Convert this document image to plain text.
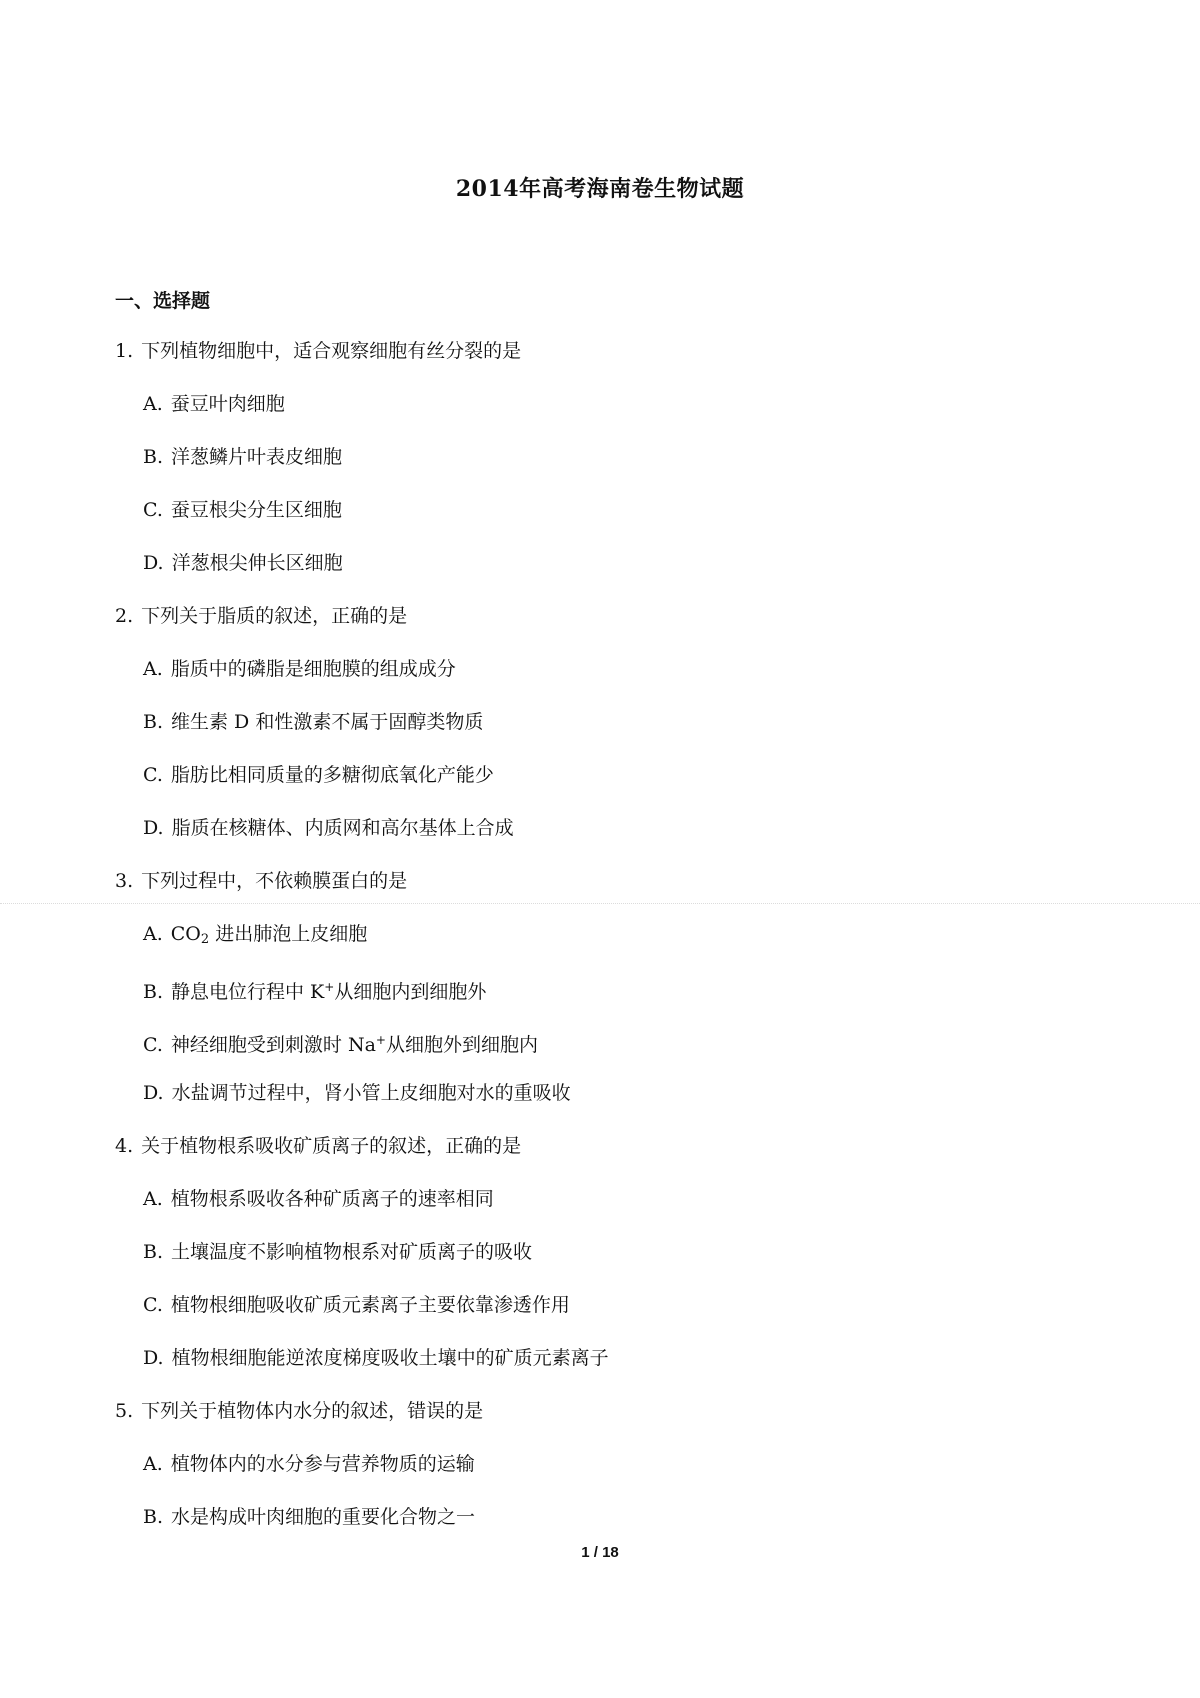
2014年高考海南卷生物试题
一、选择题
1. 下列植物细胞中，适合观察细胞有丝分裂的是
A. 蚕豆叶肉细胞
B. 洋葱鳞片叶表皮细胞
C. 蚕豆根尖分生区细胞
D. 洋葱根尖伸长区细胞
2. 下列关于脂质的叙述，正确的是
A. 脂质中的磷脂是细胞膜的组成成分
B. 维生素 D 和性激素不属于固醇类物质
C. 脂肪比相同质量的多糖彻底氧化产能少
D. 脂质在核糖体、内质网和高尔基体上合成
3. 下列过程中，不依赖膜蛋白的是
A. $CO_2$ 进出肺泡上皮细胞
B. 静息电位行程中 K+从细胞内到细胞外
C. 神经细胞受到刺激时 Na+从细胞外到细胞内
D. 水盐调节过程中，肾小管上皮细胞对水的重吸收
4. 关于植物根系吸收矿质离子的叙述，正确的是
A. 植物根系吸收各种矿质离子的速率相同
B. 土壤温度不影响植物根系对矿质离子的吸收
C. 植物根细胞吸收矿质元素离子主要依靠渗透作用
D. 植物根细胞能逆浓度梯度吸收土壤中的矿质元素离子
5. 下列关于植物体内水分的叙述，错误的是
A. 植物体内的水分参与营养物质的运输
B. 水是构成叶肉细胞的重要化合物之一
1 / 18
